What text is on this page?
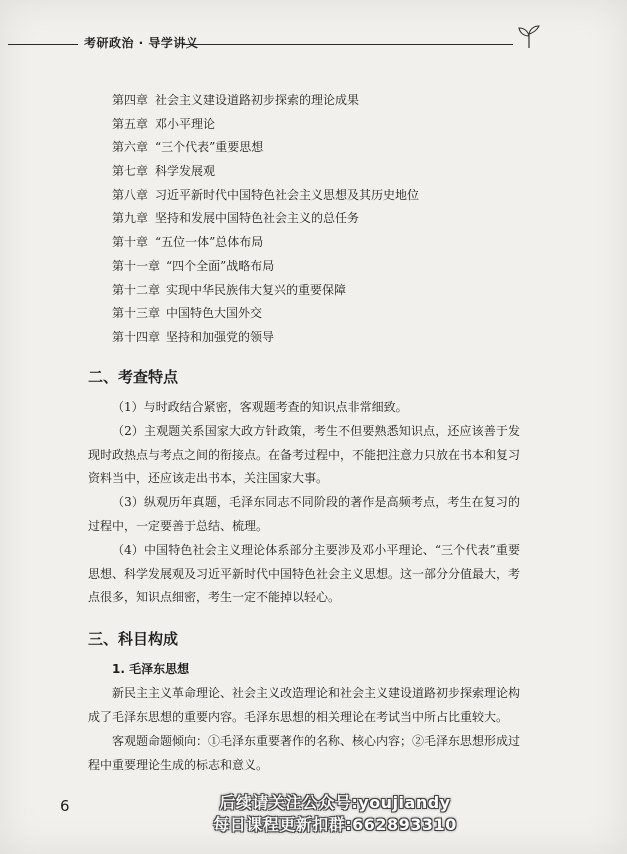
考研政治 · 导学讲义
第四章 社会主义建设道路初步探索的理论成果
第五章 邓小平理论
第六章 “三个代表”重要思想
第七章 科学发展观
第八章 习近平新时代中国特色社会主义思想及其历史地位
第九章 坚持和发展中国特色社会主义的总任务
第十章 “五位一体”总体布局
第十一章 “四个全面”战略布局
第十二章 实现中华民族伟大复兴的重要保障
第十三章 中国特色大国外交
第十四章 坚持和加强党的领导
二、考查特点
（1）与时政结合紧密，客观题考查的知识点非常细致。
（2）主观题关系国家大政方针政策，考生不但要熟悉知识点，还应该善于发现时政热点与考点之间的衔接点。在备考过程中，不能把注意力只放在书本和复习资料当中，还应该走出书本，关注国家大事。
（3）纵观历年真题，毛泽东同志不同阶段的著作是高频考点，考生在复习的过程中，一定要善于总结、梳理。
（4）中国特色社会主义理论体系部分主要涉及邓小平理论、“三个代表”重要思想、科学发展观及习近平新时代中国特色社会主义思想。这一部分分值最大，考点很多，知识点细密，考生一定不能掉以轻心。
三、科目构成
1. 毛泽东思想
新民主主义革命理论、社会主义改造理论和社会主义建设道路初步探索理论构成了毛泽东思想的重要内容。毛泽东思想的相关理论在考试当中所占比重较大。
客观题命题倾向：①毛泽东重要著作的名称、核心内容；②毛泽东思想形成过程中重要理论生成的标志和意义。
6	后续请关注公众号:youjiandy
每日课程更新扣群:662893310
